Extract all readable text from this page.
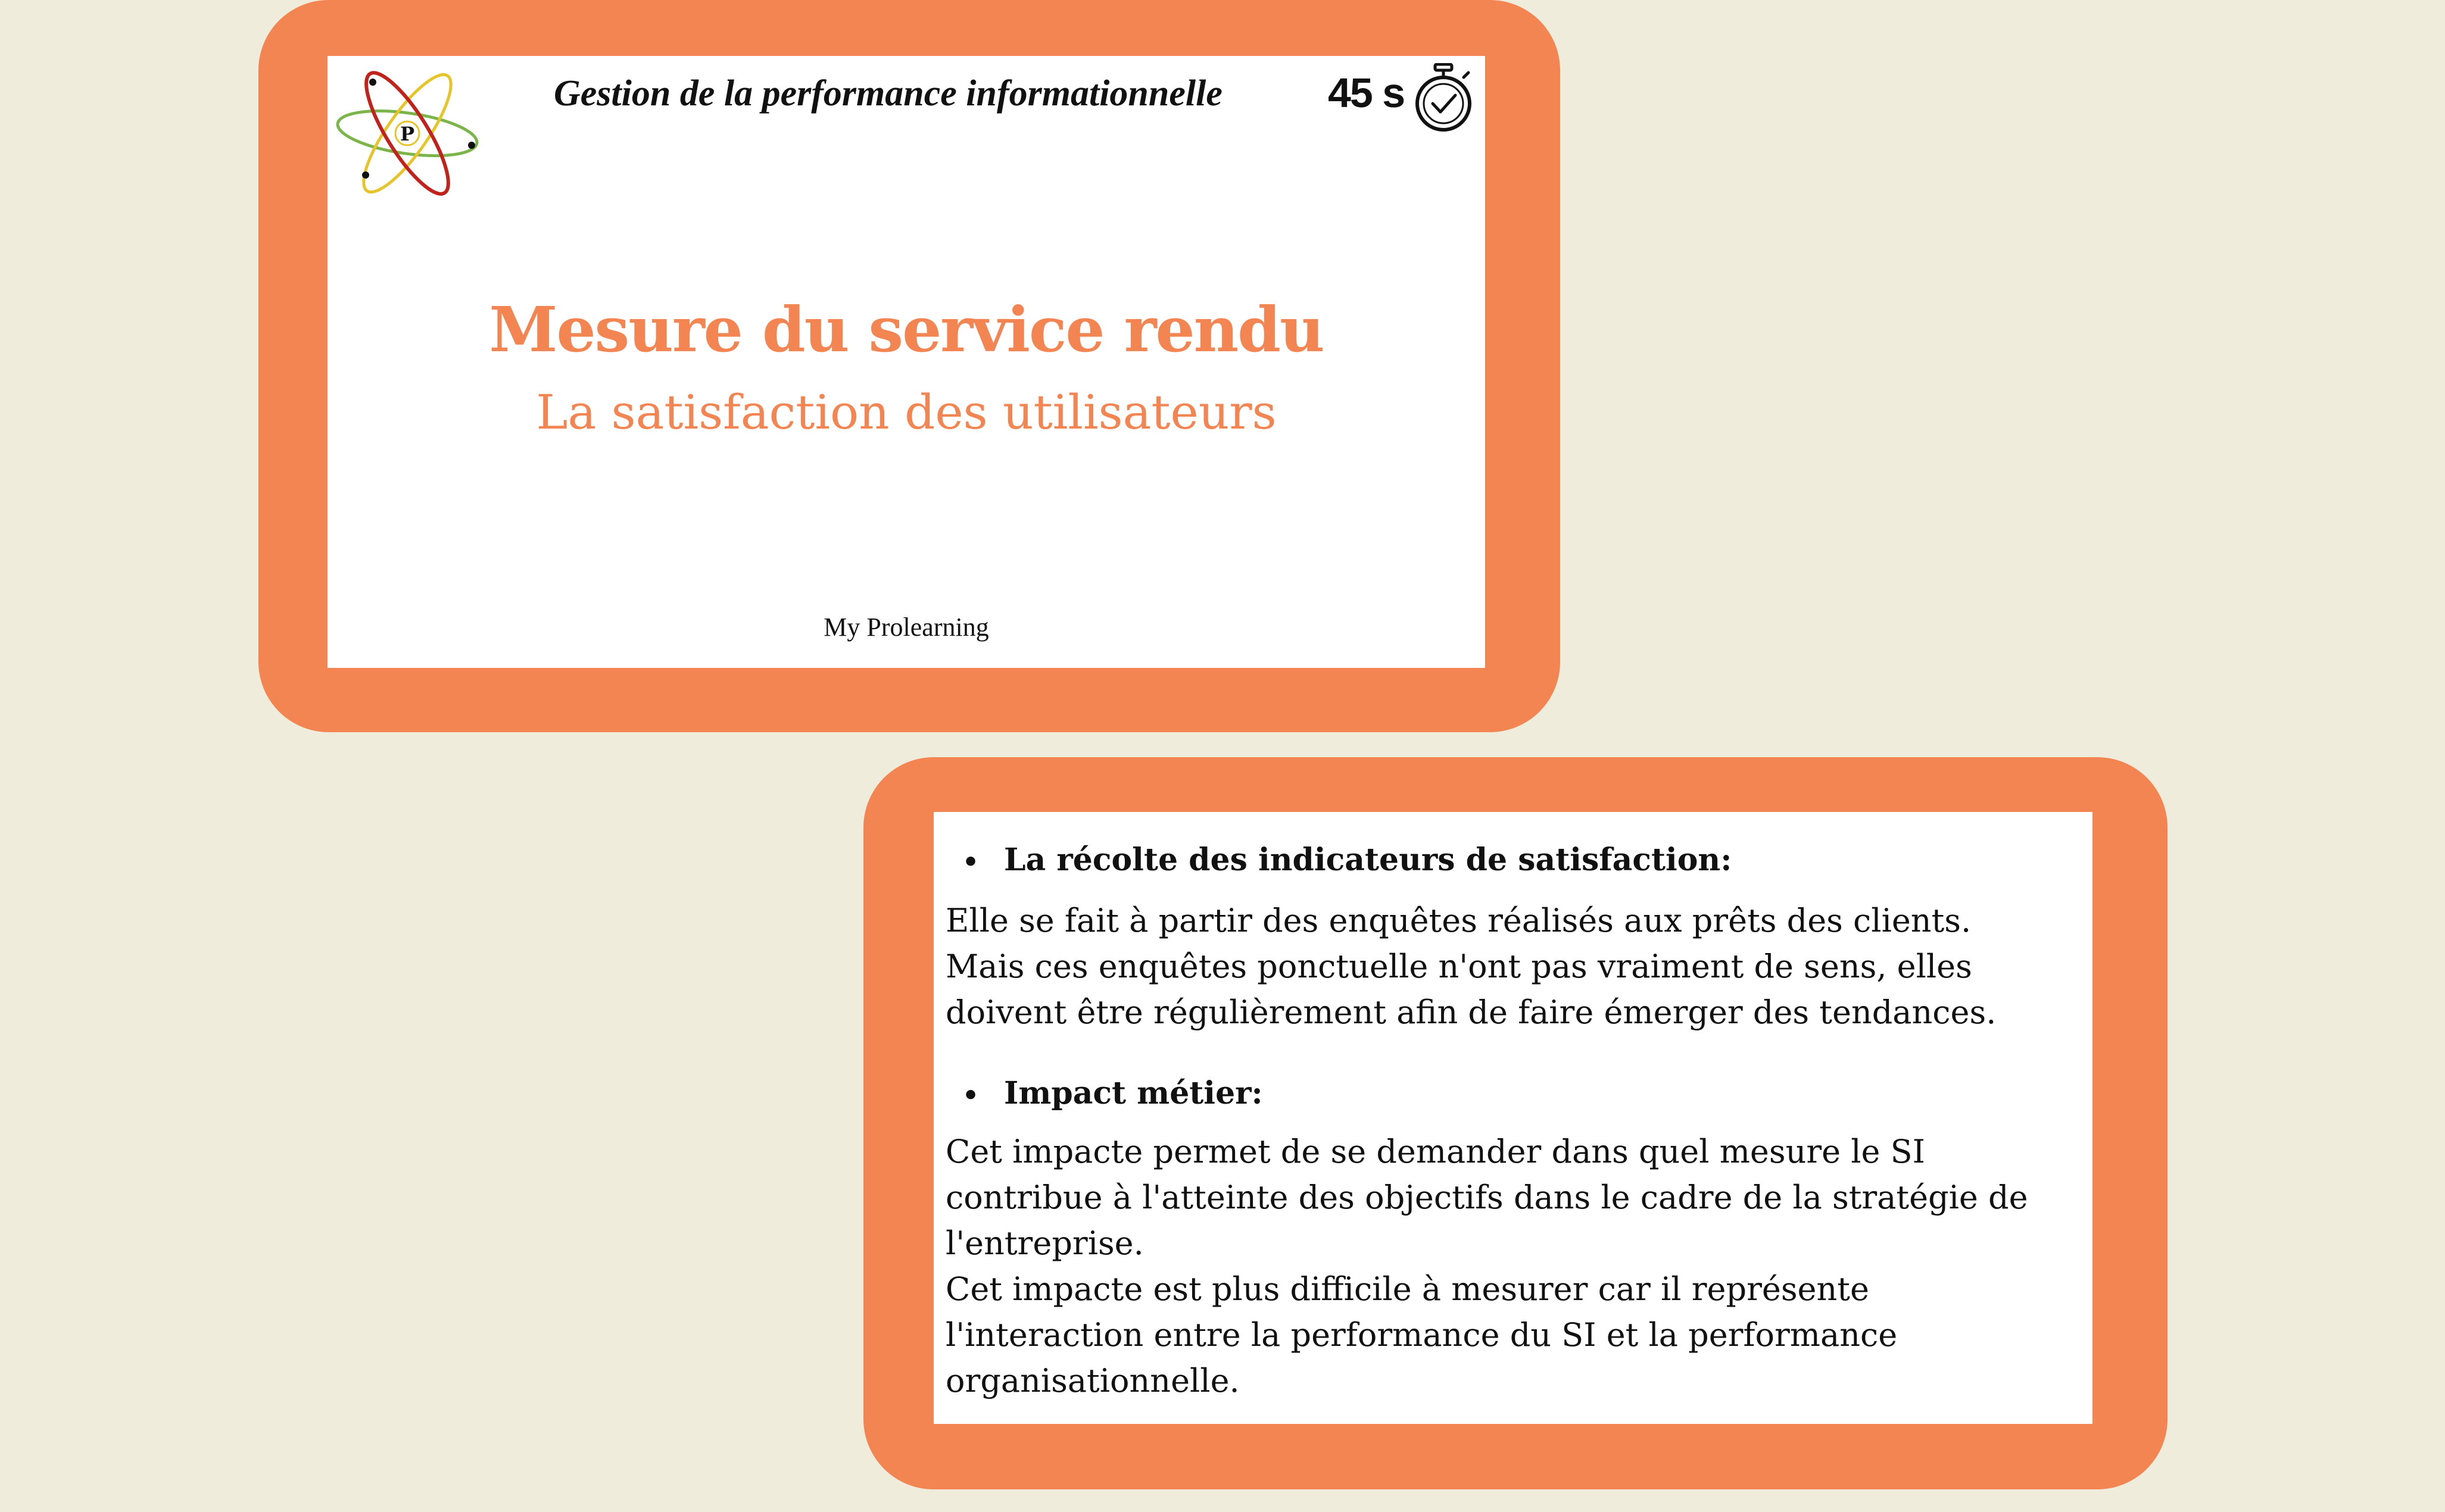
P
Gestion de la performance informationnelle	45 s
Mesure du service rendu
La satisfaction des utilisateurs
My Prolearning
• La récolte des indicateurs de satisfaction:
Elle se fait à partir des enquêtes réalisés aux prêts des clients.
Mais ces enquêtes ponctuelle n'ont pas vraiment de sens, elles
doivent être régulièrement afin de faire émerger des tendances.
• Impact métier:
Cet impacte permet de se demander dans quel mesure le SI
contribue à l'atteinte des objectifs dans le cadre de la stratégie de
l'entreprise.
Cet impacte est plus difficile à mesurer car il représente
l'interaction entre la performance du SI et la performance
organisationnelle.
